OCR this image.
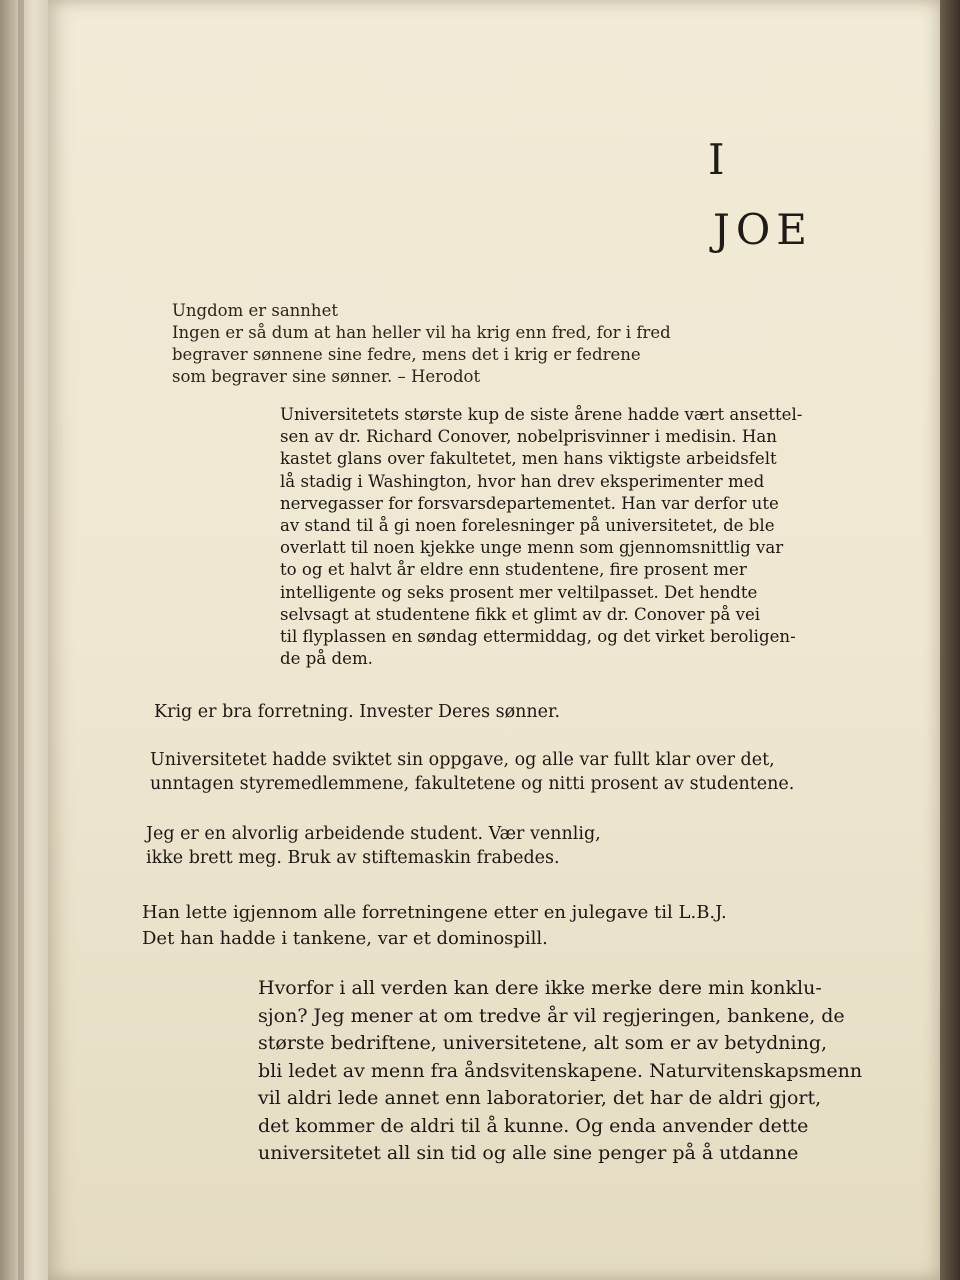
I
JOE
Ungdom er sannhet
Ingen er så dum at han heller vil ha krig enn fred, for i fred
begraver sønnene sine fedre, mens det i krig er fedrene
som begraver sine sønner. – Herodot
Universitetets største kup de siste årene hadde vært ansettel-
sen av dr. Richard Conover, nobelprisvinner i medisin. Han
kastet glans over fakultetet, men hans viktigste arbeidsfelt
lå stadig i Washington, hvor han drev eksperimenter med
nervegasser for forsvarsdepartementet. Han var derfor ute
av stand til å gi noen forelesninger på universitetet, de ble
overlatt til noen kjekke unge menn som gjennomsnittlig var
to og et halvt år eldre enn studentene, fire prosent mer
intelligente og seks prosent mer veltilpasset. Det hendte
selvsagt at studentene fikk et glimt av dr. Conover på vei
til flyplassen en søndag ettermiddag, og det virket beroligen-
de på dem.
Krig er bra forretning. Invester Deres sønner.
Universitetet hadde sviktet sin oppgave, og alle var fullt klar over det,
unntagen styremedlemmene, fakultetene og nitti prosent av studentene.
Jeg er en alvorlig arbeidende student. Vær vennlig,
ikke brett meg. Bruk av stiftemaskin frabedes.
Han lette igjennom alle forretningene etter en julegave til L.B.J.
Det han hadde i tankene, var et dominospill.
Hvorfor i all verden kan dere ikke merke dere min konklu-
sjon? Jeg mener at om tredve år vil regjeringen, bankene, de
største bedriftene, universitetene, alt som er av betydning,
bli ledet av menn fra åndsvitenskapene. Naturvitenskapsmenn
vil aldri lede annet enn laboratorier, det har de aldri gjort,
det kommer de aldri til å kunne. Og enda anvender dette
universitetet all sin tid og alle sine penger på å utdanne
